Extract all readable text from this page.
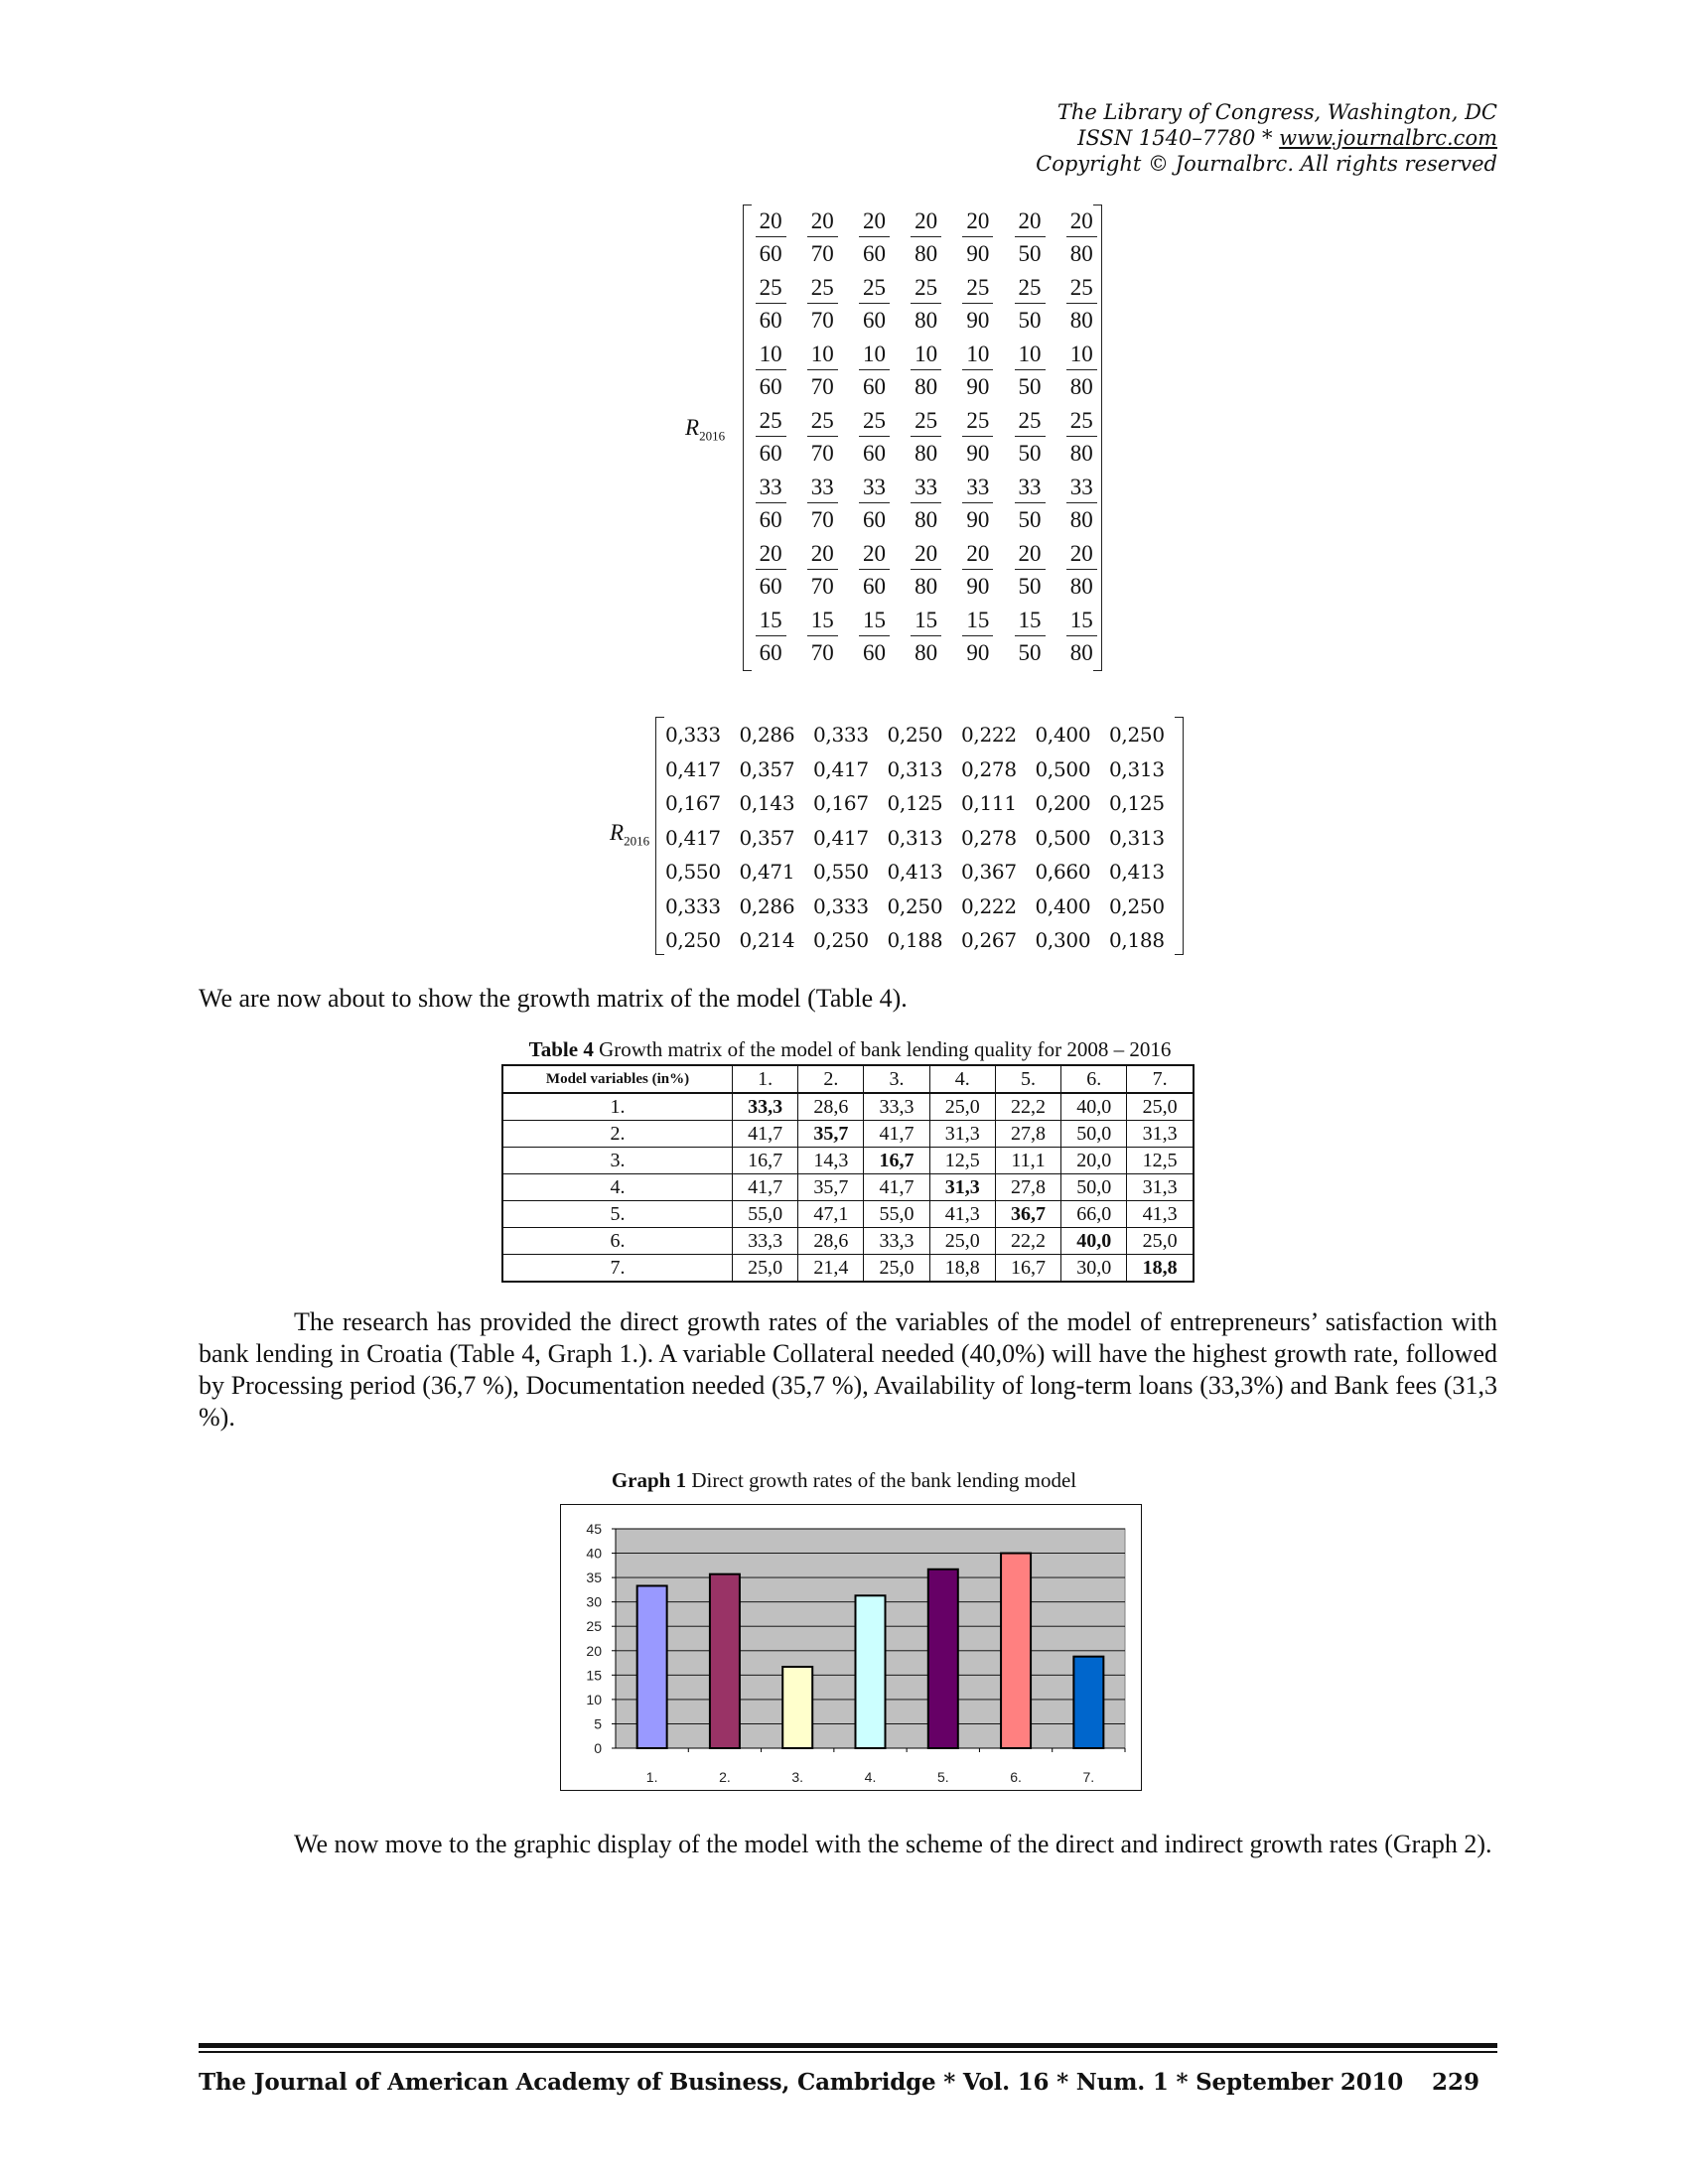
The Library of Congress, Washington, DC
ISSN 1540–7780 * www.journalbrc.com
Copyright © Journalbrc. All rights reserved
$R_{2016}$
$\frac{20}{60} \frac{20}{70} \frac{20}{60} \frac{20}{80} \frac{20}{90} \frac{20}{50} \frac{20}{80}$
$\frac{25}{60} \frac{25}{70} \frac{25}{60} \frac{25}{80} \frac{25}{90} \frac{25}{50} \frac{25}{80}$
$\frac{10}{60} \frac{10}{70} \frac{10}{60} \frac{10}{80} \frac{10}{90} \frac{10}{50} \frac{10}{80}$
$\frac{25}{60} \frac{25}{70} \frac{25}{60} \frac{25}{80} \frac{25}{90} \frac{25}{50} \frac{25}{80}$
$\frac{33}{60} \frac{33}{70} \frac{33}{60} \frac{33}{80} \frac{33}{90} \frac{33}{50} \frac{33}{80}$
$\frac{20}{60} \frac{20}{70} \frac{20}{60} \frac{20}{80} \frac{20}{90} \frac{20}{50} \frac{20}{80}$
$\frac{15}{60} \frac{15}{70} \frac{15}{60} \frac{15}{80} \frac{15}{90} \frac{15}{50} \frac{15}{80}$
$R_{2016}$
0,333 0,286 0,333 0,250 0,222 0,400 0,250
0,417 0,357 0,417 0,313 0,278 0,500 0,313
0,167 0,143 0,167 0,125 0,111 0,200 0,125
0,417 0,357 0,417 0,313 0,278 0,500 0,313
0,550 0,471 0,550 0,413 0,367 0,660 0,413
0,333 0,286 0,333 0,250 0,222 0,400 0,250
0,250 0,214 0,250 0,188 0,267 0,300 0,188
We are now about to show the growth matrix of the model (Table 4).
Table 4 Growth matrix of the model of bank lending quality for 2008 – 2016
Model variables (in%)	1.	2.	3.	4.	5.	6.	7.
1.	33,3	28,6	33,3	25,0	22,2	40,0	25,0
2.	41,7	35,7	41,7	31,3	27,8	50,0	31,3
3.	16,7	14,3	16,7	12,5	11,1	20,0	12,5
4.	41,7	35,7	41,7	31,3	27,8	50,0	31,3
5.	55,0	47,1	55,0	41,3	36,7	66,0	41,3
6.	33,3	28,6	33,3	25,0	22,2	40,0	25,0
7.	25,0	21,4	25,0	18,8	16,7	30,0	18,8
The research has provided the direct growth rates of the variables of the model of entrepreneurs’ satisfaction with bank lending in Croatia (Table 4, Graph 1.). A variable Collateral needed (40,0%) will have the highest growth rate, followed by Processing period (36,7 %), Documentation needed (35,7 %), Availability of long-term loans (33,3%) and Bank fees (31,3 %).
Graph 1 Direct growth rates of the bank lending model
0
5
10
15
20
25
30
35
40
45
1.	2.	3.	4.	5.	6.	7.
We now move to the graphic display of the model with the scheme of the direct and indirect growth rates (Graph 2).
The Journal of American Academy of Business, Cambridge * Vol. 16 * Num. 1 * September 2010 229
